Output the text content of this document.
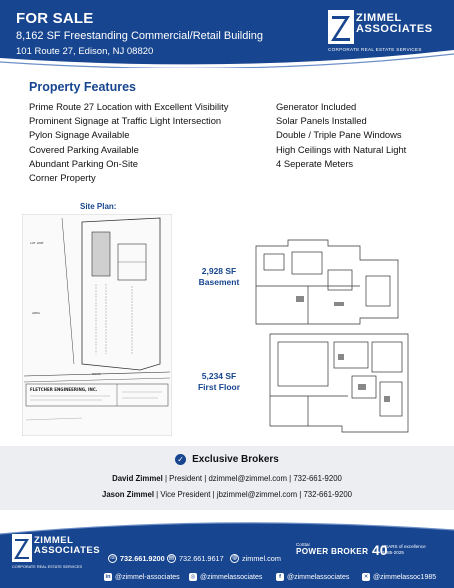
FOR SALE
8,162 SF Freestanding Commercial/Retail Building
101 Route 27, Edison, NJ 08820
ZIMMEL
ASSOCIATES
CORPORATE REAL ESTATE SERVICES
Property Features
Prime Route 27 Location with Excellent Visibility
Prominent Signage at Traffic Light Intersection
Pylon Signage Available
Covered Parking Available
Abundant Parking On-Site
Corner Property
Generator Included
Solar Panels Installed
Double / Triple Pane Windows
High Ceilings with Natural Light
4 Seperate Meters
Site Plan:
LOT LINE
AREA
ROAD
FLETCHER ENGINEERING, INC.
2,928 SF
Basement
5,234 SF
First Floor
✓ Exclusive Brokers
David Zimmel | President | dzimmel@zimmel.com | 732-661-9200
Jason Zimmel | Vice President | jbzimmel@zimmel.com | 732-661-9200
ZIMMEL
ASSOCIATES
CORPORATE REAL ESTATE SERVICES
☏ 732.661.9200 ▤ 732.661.9617	◍ zimmel.com
CoStar
POWER BROKER 40
YEARS of excellence
1985-2025
in @zimmel-associates ◎ @zimmelassociates	f @zimmelassociates	✕ @zimmelassoc1985
